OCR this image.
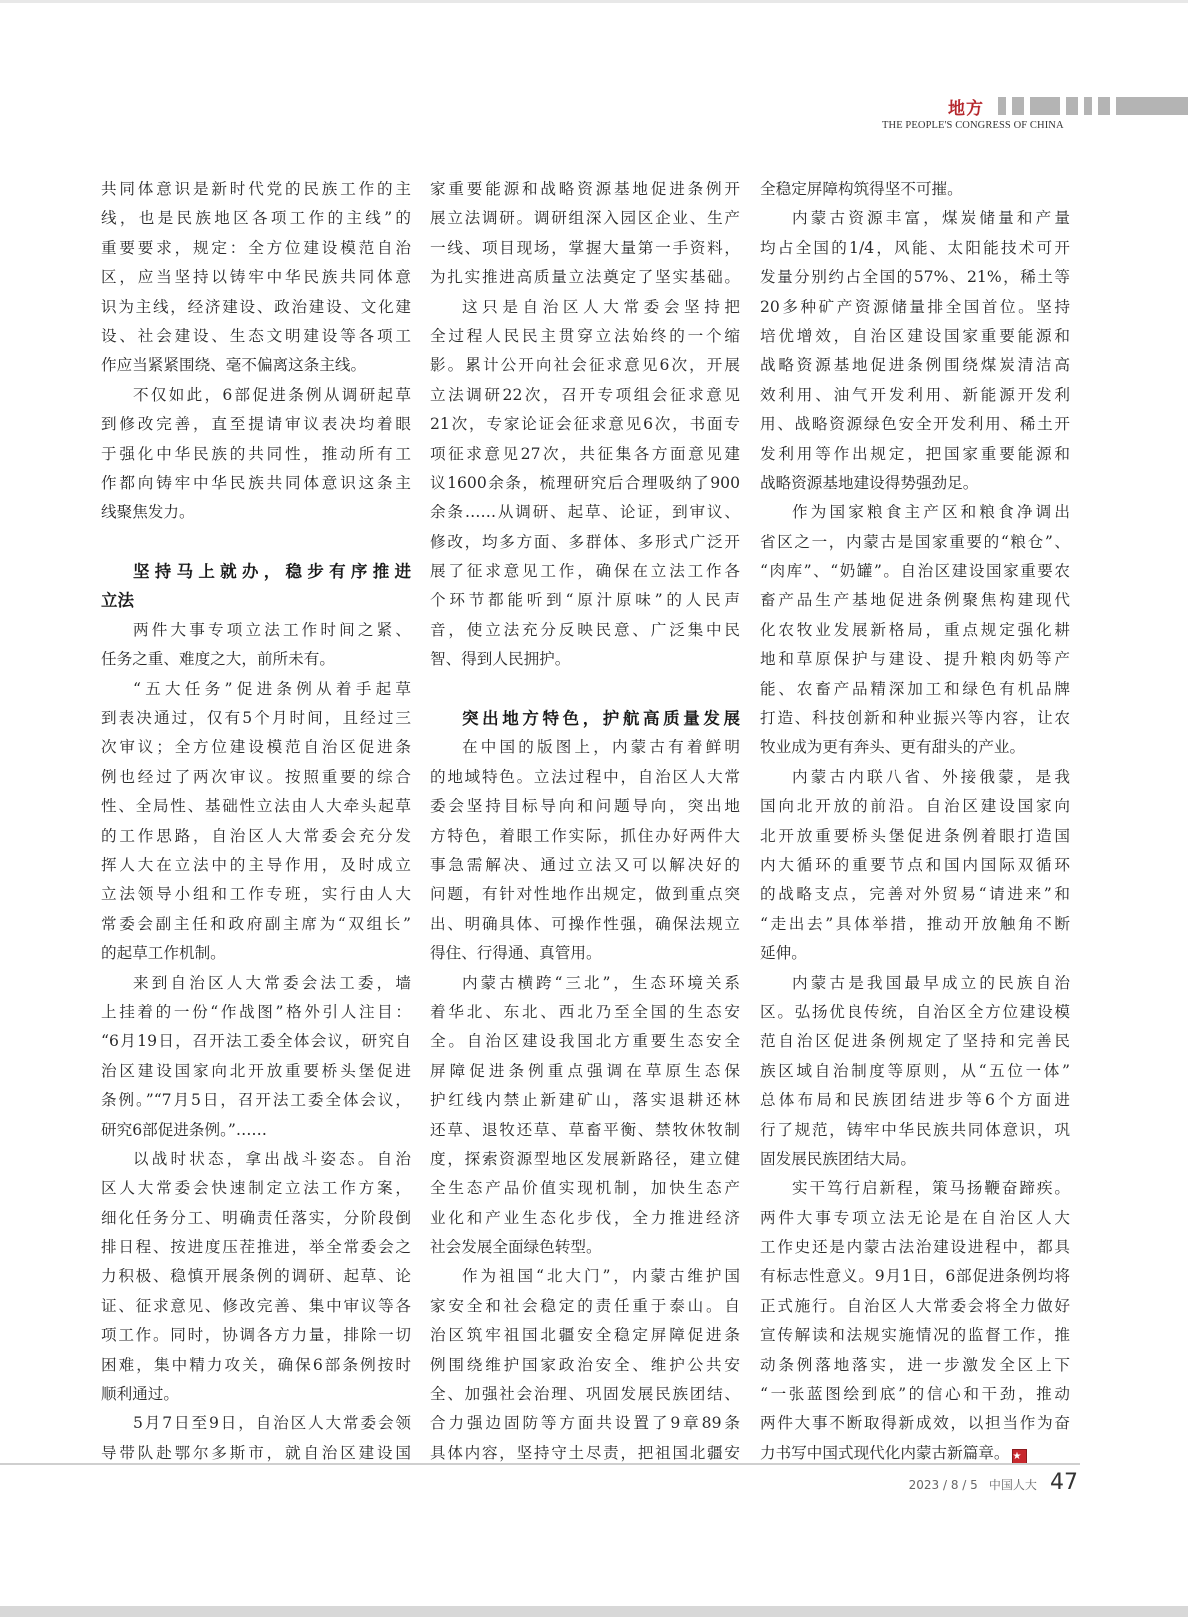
地方
THE PEOPLE'S CONGRESS OF CHINA
共同体意识是新时代党的民族工作的主
线，也是民族地区各项工作的主线”的
重要要求，规定：全方位建设模范自治
区，应当坚持以铸牢中华民族共同体意
识为主线，经济建设、政治建设、文化建
设、社会建设、生态文明建设等各项工
作应当紧紧围绕、毫不偏离这条主线。
不仅如此，6部促进条例从调研起草
到修改完善，直至提请审议表决均着眼
于强化中华民族的共同性，推动所有工
作都向铸牢中华民族共同体意识这条主
线聚焦发力。
坚持马上就办，稳步有序推进
立法
两件大事专项立法工作时间之紧、
任务之重、难度之大，前所未有。
“五大任务”促进条例从着手起草
到表决通过，仅有5个月时间，且经过三
次审议；全方位建设模范自治区促进条
例也经过了两次审议。按照重要的综合
性、全局性、基础性立法由人大牵头起草
的工作思路，自治区人大常委会充分发
挥人大在立法中的主导作用，及时成立
立法领导小组和工作专班，实行由人大
常委会副主任和政府副主席为“双组长”
的起草工作机制。
来到自治区人大常委会法工委，墙
上挂着的一份“作战图”格外引人注目：
“6月19日，召开法工委全体会议，研究自
治区建设国家向北开放重要桥头堡促进
条例。”“7月5日，召开法工委全体会议，
研究6部促进条例。”……
以战时状态，拿出战斗姿态。自治
区人大常委会快速制定立法工作方案，
细化任务分工、明确责任落实，分阶段倒
排日程、按进度压茬推进，举全常委会之
力积极、稳慎开展条例的调研、起草、论
证、征求意见、修改完善、集中审议等各
项工作。同时，协调各方力量，排除一切
困难，集中精力攻关，确保6部条例按时
顺利通过。
5月7日至9日，自治区人大常委会领
导带队赴鄂尔多斯市，就自治区建设国
家重要能源和战略资源基地促进条例开
展立法调研。调研组深入园区企业、生产
一线、项目现场，掌握大量第一手资料，
为扎实推进高质量立法奠定了坚实基础。
这只是自治区人大常委会坚持把
全过程人民民主贯穿立法始终的一个缩
影。累计公开向社会征求意见6次，开展
立法调研22次，召开专项组会征求意见
21次，专家论证会征求意见6次，书面专
项征求意见27次，共征集各方面意见建
议1600余条，梳理研究后合理吸纳了900
余条……从调研、起草、论证，到审议、
修改，均多方面、多群体、多形式广泛开
展了征求意见工作，确保在立法工作各
个环节都能听到“原汁原味”的人民声
音，使立法充分反映民意、广泛集中民
智、得到人民拥护。
突出地方特色，护航高质量发展
在中国的版图上，内蒙古有着鲜明
的地域特色。立法过程中，自治区人大常
委会坚持目标导向和问题导向，突出地
方特色，着眼工作实际，抓住办好两件大
事急需解决、通过立法又可以解决好的
问题，有针对性地作出规定，做到重点突
出、明确具体、可操作性强，确保法规立
得住、行得通、真管用。
内蒙古横跨“三北”，生态环境关系
着华北、东北、西北乃至全国的生态安
全。自治区建设我国北方重要生态安全
屏障促进条例重点强调在草原生态保
护红线内禁止新建矿山，落实退耕还林
还草、退牧还草、草畜平衡、禁牧休牧制
度，探索资源型地区发展新路径，建立健
全生态产品价值实现机制，加快生态产
业化和产业生态化步伐，全力推进经济
社会发展全面绿色转型。
作为祖国“北大门”，内蒙古维护国
家安全和社会稳定的责任重于泰山。自
治区筑牢祖国北疆安全稳定屏障促进条
例围绕维护国家政治安全、维护公共安
全、加强社会治理、巩固发展民族团结、
合力强边固防等方面共设置了9章89条
具体内容，坚持守土尽责，把祖国北疆安
全稳定屏障构筑得坚不可摧。
内蒙古资源丰富，煤炭储量和产量
均占全国的1/4，风能、太阳能技术可开
发量分别约占全国的57%、21%，稀土等
20多种矿产资源储量排全国首位。坚持
培优增效，自治区建设国家重要能源和
战略资源基地促进条例围绕煤炭清洁高
效利用、油气开发利用、新能源开发利
用、战略资源绿色安全开发利用、稀土开
发利用等作出规定，把国家重要能源和
战略资源基地建设得势强劲足。
作为国家粮食主产区和粮食净调出
省区之一，内蒙古是国家重要的“粮仓”、
“肉库”、“奶罐”。自治区建设国家重要农
畜产品生产基地促进条例聚焦构建现代
化农牧业发展新格局，重点规定强化耕
地和草原保护与建设、提升粮肉奶等产
能、农畜产品精深加工和绿色有机品牌
打造、科技创新和种业振兴等内容，让农
牧业成为更有奔头、更有甜头的产业。
内蒙古内联八省、外接俄蒙，是我
国向北开放的前沿。自治区建设国家向
北开放重要桥头堡促进条例着眼打造国
内大循环的重要节点和国内国际双循环
的战略支点，完善对外贸易“请进来”和
“走出去”具体举措，推动开放触角不断
延伸。
内蒙古是我国最早成立的民族自治
区。弘扬优良传统，自治区全方位建设模
范自治区促进条例规定了坚持和完善民
族区域自治制度等原则，从“五位一体”
总体布局和民族团结进步等6个方面进
行了规范，铸牢中华民族共同体意识，巩
固发展民族团结大局。
实干笃行启新程，策马扬鞭奋蹄疾。
两件大事专项立法无论是在自治区人大
工作史还是内蒙古法治建设进程中，都具
有标志性意义。9月1日，6部促进条例均将
正式施行。自治区人大常委会将全力做好
宣传解读和法规实施情况的监督工作，推
动条例落地落实，进一步激发全区上下
“一张蓝图绘到底”的信心和干劲，推动
两件大事不断取得新成效，以担当作为奋
力书写中国式现代化内蒙古新篇章。 ★
2023 / 8 / 5 中国人大 47
